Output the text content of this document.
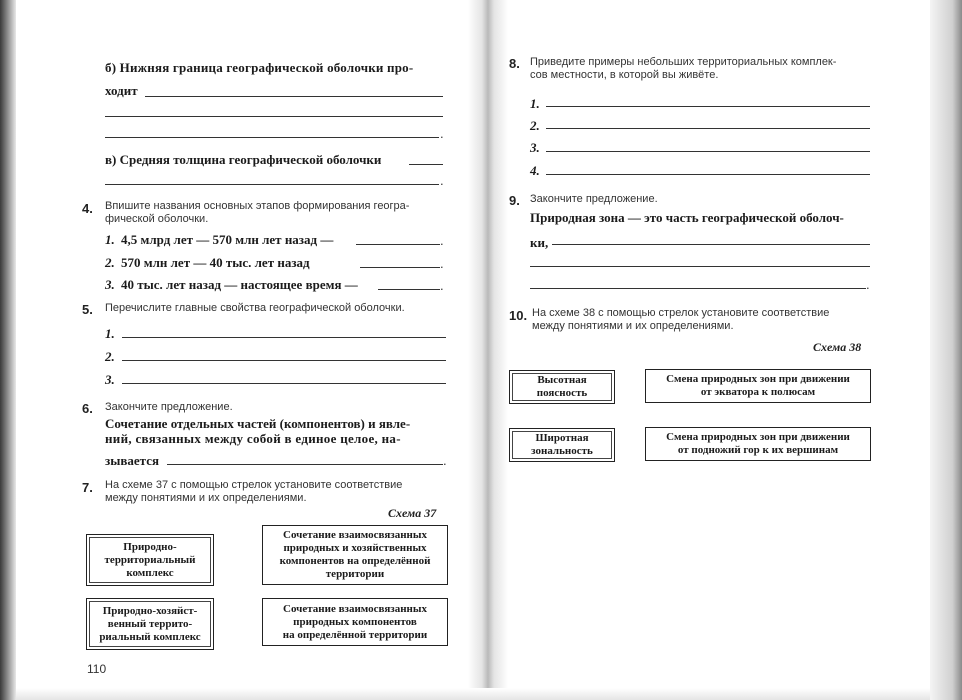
б) Нижняя граница географической оболочки про-
ходит
.
в) Средняя толщина географической оболочки
.
4. Впишите названия основных этапов формирования геогра-
фической оболочки.
1. 4,5 млрд лет — 570 млн лет назад —	.
2. 570 млн лет — 40 тыс. лет назад	.
3. 40 тыс. лет назад — настоящее время —	.
5. Перечислите главные свойства географической оболочки.
1.
2.
3.
6. Закончите предложение.
Сочетание отдельных частей (компонентов) и явле-
ний, связанных между собой в единое целое, на-
зывается	.
7. На схеме 37 с помощью стрелок установите соответствие
между понятиями и их определениями.
Схема 37
Природно-
территориальный
комплекс
Природно-хозяйст-
венный террито-
риальный комплекс
Сочетание взаимосвязанных
природных и хозяйственных
компонентов на определённой
территории
Сочетание взаимосвязанных
природных компонентов
на определённой территории
110
8. Приведите примеры небольших территориальных комплек-
сов местности, в которой вы живёте.
1.
2.
3.
4.
9. Закончите предложение.
Природная зона — это часть географической оболоч-
ки,
.
10. На схеме 38 с помощью стрелок установите соответствие
между понятиями и их определениями.
Схема 38
Высотная
поясность
Широтная
зональность
Смена природных зон при движении
от экватора к полюсам
Смена природных зон при движении
от подножий гор к их вершинам
